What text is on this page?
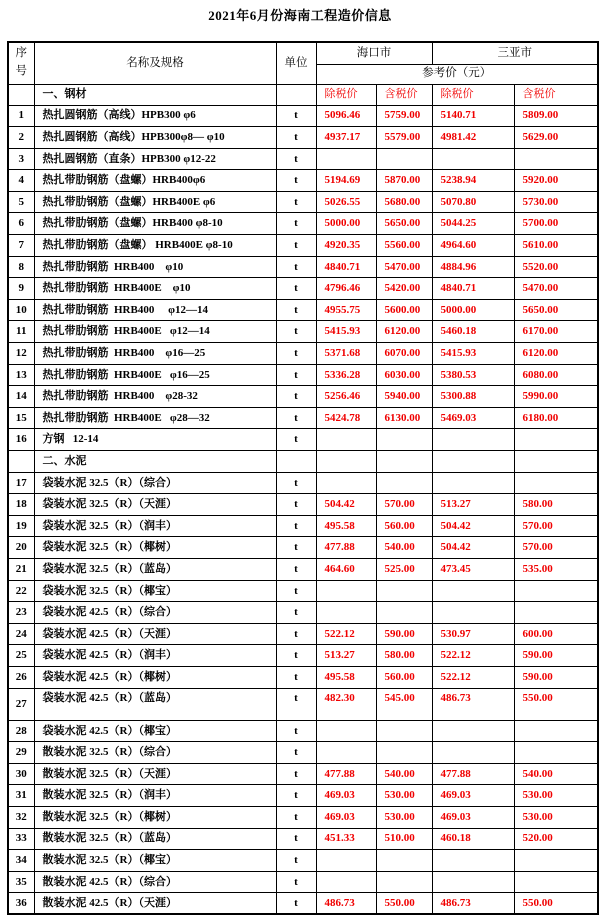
2021年6月份海南工程造价信息
序
号	名称及规格	单位	海口市		三亚市	
			参考价（元）			
	一、钢材		除税价	含税价	除税价	含税价
1	热扎圆钢筋（高线）HPB300 φ6	t	5096.46	5759.00	5140.71	5809.00
2	热扎圆钢筋（高线）HPB300φ8— φ10	t	4937.17	5579.00	4981.42	5629.00
3	热扎圆钢筋（直条）HPB300 φ12-22	t				
4	热扎带肋钢筋（盘螺）HRB400φ6	t	5194.69	5870.00	5238.94	5920.00
5	热扎带肋钢筋（盘螺）HRB400E φ6	t	5026.55	5680.00	5070.80	5730.00
6	热扎带肋钢筋（盘螺）HRB400 φ8-10	t	5000.00	5650.00	5044.25	5700.00
7	热扎带肋钢筋（盘螺） HRB400E φ8-10	t	4920.35	5560.00	4964.60	5610.00
8	热扎带肋钢筋  HRB400    φ10	t	4840.71	5470.00	4884.96	5520.00
9	热扎带肋钢筋  HRB400E    φ10	t	4796.46	5420.00	4840.71	5470.00
10	热扎带肋钢筋  HRB400     φ12—14	t	4955.75	5600.00	5000.00	5650.00
11	热扎带肋钢筋  HRB400E   φ12—14	t	5415.93	6120.00	5460.18	6170.00
12	热扎带肋钢筋  HRB400    φ16—25	t	5371.68	6070.00	5415.93	6120.00
13	热扎带肋钢筋  HRB400E   φ16—25	t	5336.28	6030.00	5380.53	6080.00
14	热扎带肋钢筋  HRB400    φ28-32	t	5256.46	5940.00	5300.88	5990.00
15	热扎带肋钢筋  HRB400E   φ28—32	t	5424.78	6130.00	5469.03	6180.00
16	方钢   12-14	t				
	二、水泥					
17	袋装水泥 32.5（R）（综合）	t				
18	袋装水泥 32.5（R）（天涯）	t	504.42	570.00	513.27	580.00
19	袋装水泥 32.5（R）（润丰）	t	495.58	560.00	504.42	570.00
20	袋装水泥 32.5（R）（椰树）	t	477.88	540.00	504.42	570.00
21	袋装水泥 32.5（R）（蓝岛）	t	464.60	525.00	473.45	535.00
22	袋装水泥 32.5（R）（椰宝）	t				
23	袋装水泥 42.5（R）（综合）	t				
24	袋装水泥 42.5（R）（天涯）	t	522.12	590.00	530.97	600.00
25	袋装水泥 42.5（R）（润丰）	t	513.27	580.00	522.12	590.00
26	袋装水泥 42.5（R）（椰树）	t	495.58	560.00	522.12	590.00
27	袋装水泥 42.5（R）（蓝岛）	t	482.30	545.00	486.73	550.00
28	袋装水泥 42.5（R）（椰宝）	t				
29	散装水泥 32.5（R）（综合）	t				
30	散装水泥 32.5（R）（天涯）	t	477.88	540.00	477.88	540.00
31	散装水泥 32.5（R）（润丰）	t	469.03	530.00	469.03	530.00
32	散装水泥 32.5（R）（椰树）	t	469.03	530.00	469.03	530.00
33	散装水泥 32.5（R）（蓝岛）	t	451.33	510.00	460.18	520.00
34	散装水泥 32.5（R）（椰宝）	t				
35	散装水泥 42.5（R）（综合）	t				
36	散装水泥 42.5（R）（天涯）	t	486.73	550.00	486.73	550.00
